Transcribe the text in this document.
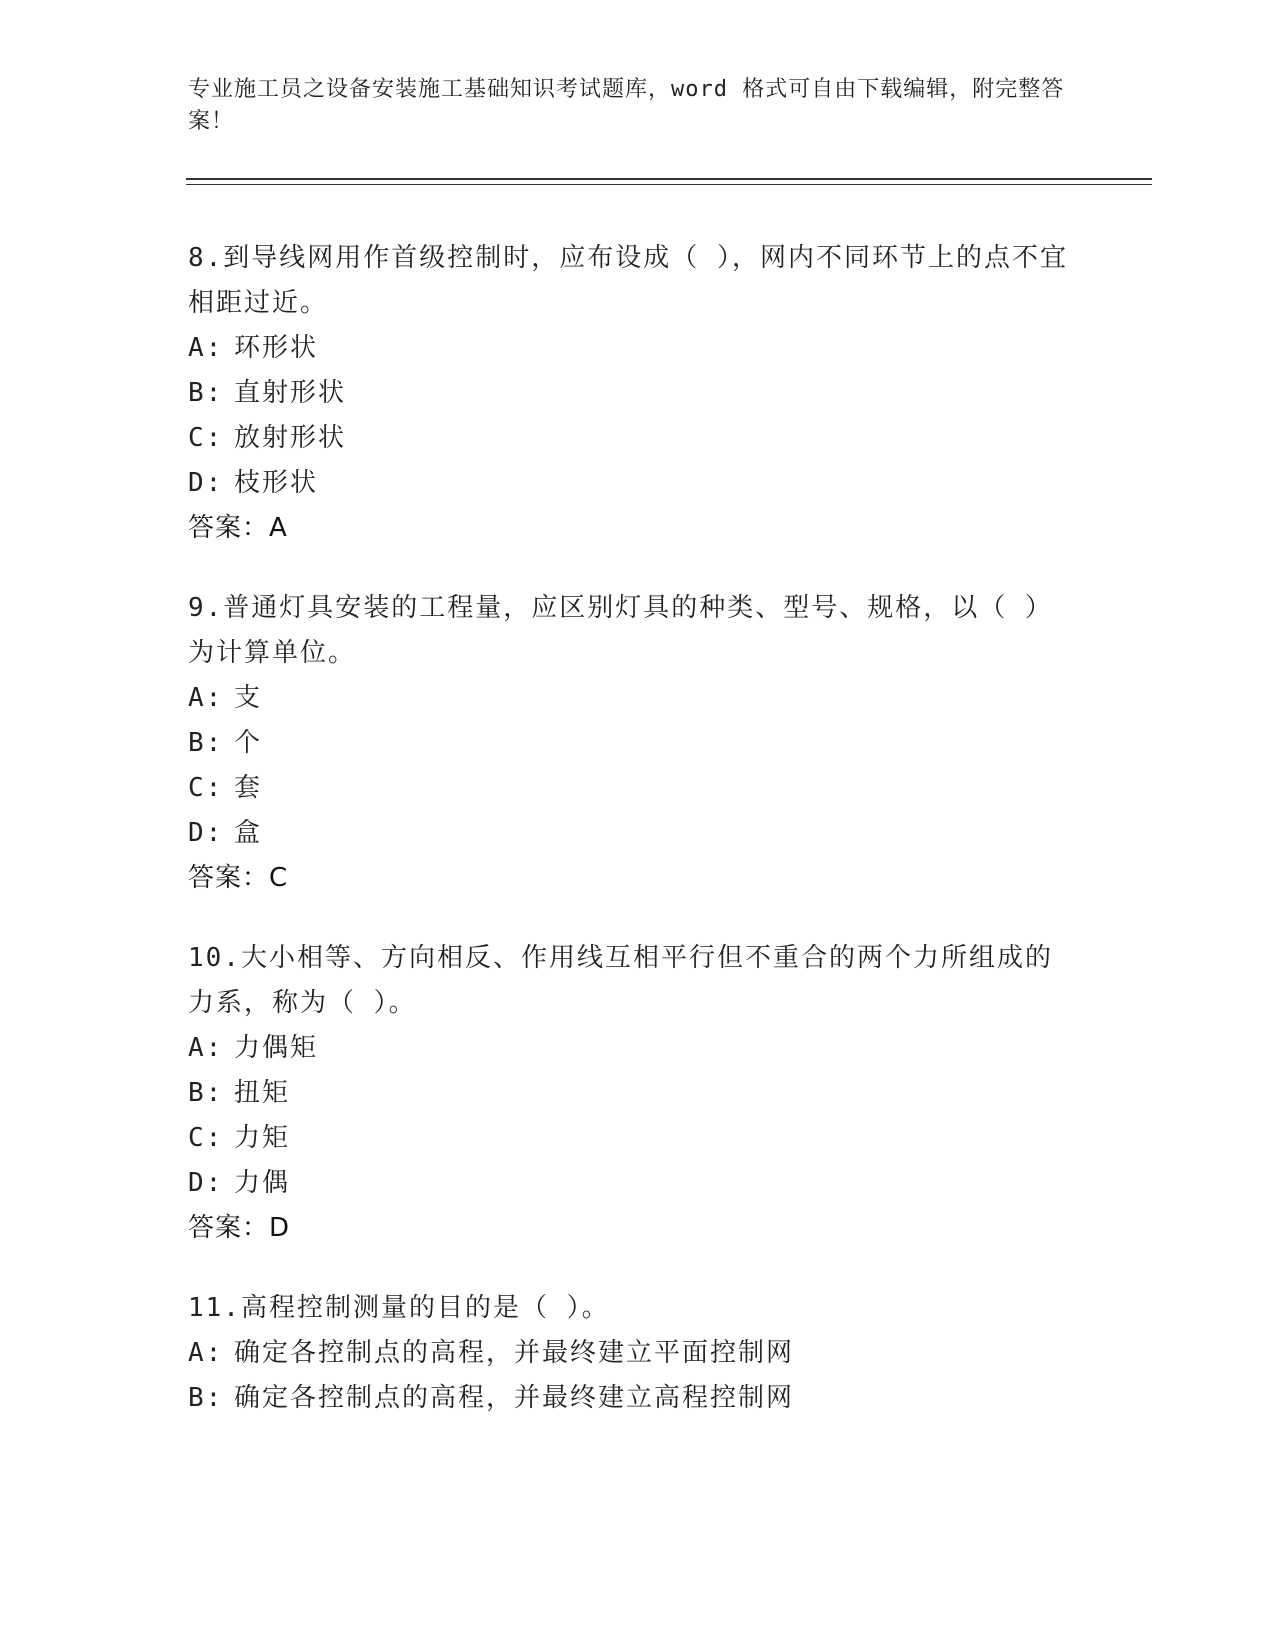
专业施工员之设备安装施工基础知识考试题库，word 格式可自由下载编辑，附完整答案！
8.到导线网用作首级控制时，应布设成（ ），网内不同环节上的点不宜相距过近。
A: 环形状
B: 直射形状
C: 放射形状
D: 枝形状
答案：A
9.普通灯具安装的工程量，应区别灯具的种类、型号、规格，以（ ）为计算单位。
A: 支
B: 个
C: 套
D: 盒
答案：C
10.大小相等、方向相反、作用线互相平行但不重合的两个力所组成的力系，称为（ ）。
A: 力偶矩
B: 扭矩
C: 力矩
D: 力偶
答案：D
11.高程控制测量的目的是（ ）。
A: 确定各控制点的高程，并最终建立平面控制网
B: 确定各控制点的高程，并最终建立高程控制网
